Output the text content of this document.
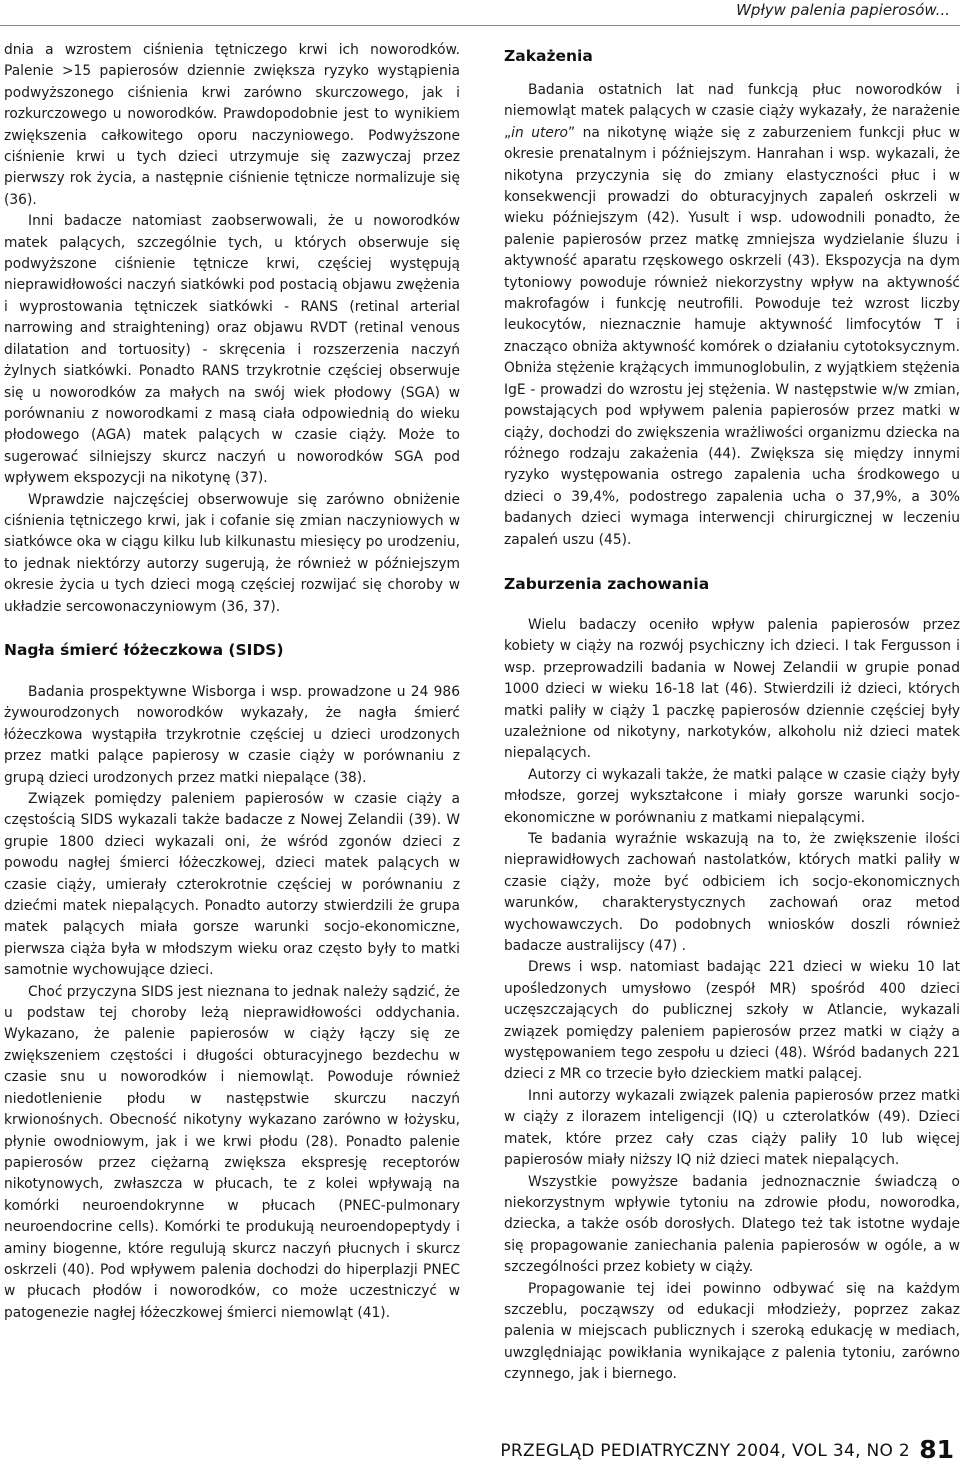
Wpływ palenia papierosów...

dnia a wzrostem ciśnienia tętniczego krwi ich noworodków. Palenie >15 papierosów dziennie zwiększa ryzyko wystąpienia podwyższonego ciśnienia krwi zarówno skurczowego, jak i rozkurczowego u noworodków. Prawdopodobnie jest to wynikiem zwiększenia całkowitego oporu naczyniowego. Podwyższone ciśnienie krwi u tych dzieci utrzymuje się zazwyczaj przez pierwszy rok życia, a następnie ciśnienie tętnicze normalizuje się (36).

Inni badacze natomiast zaobserwowali, że u noworodków matek palących, szczególnie tych, u których obserwuje się podwyższone ciśnienie tętnicze krwi, częściej występują nieprawidłowości naczyń siatkówki pod postacią objawu zwężenia i wyprostowania tętniczek siatkówki - RANS (retinal arterial narrowing and straightening) oraz objawu RVDT (retinal venous dilatation and tortuosity) - skręcenia i rozszerzenia naczyń żylnych siatkówki. Ponadto RANS trzykrotnie częściej obserwuje się u noworodków za małych na swój wiek płodowy (SGA) w porównaniu z noworodkami z masą ciała odpowiednią do wieku płodowego (AGA) matek palących w czasie ciąży. Może to sugerować silniejszy skurcz naczyń u noworodków SGA pod wpływem ekspozycji na nikotynę (37).

Wprawdzie najczęściej obserwowuje się zarówno obniżenie ciśnienia tętniczego krwi, jak i cofanie się zmian naczyniowych w siatkówce oka w ciągu kilku lub kilkunastu miesięcy po urodzeniu, to jednak niektórzy autorzy sugerują, że również w późniejszym okresie życia u tych dzieci mogą częściej rozwijać się choroby w układzie sercowonaczyniowym (36, 37).

Nagła śmierć łóżeczkowa (SIDS)

Badania prospektywne Wisborga i wsp. prowadzone u 24 986 żywourodzonych noworodków wykazały, że nagła śmierć łóżeczkowa wystąpiła trzykrotnie częściej u dzieci urodzonych przez matki palące papierosy w czasie ciąży w porównaniu z grupą dzieci urodzonych przez matki niepalące (38).

Związek pomiędzy paleniem papierosów w czasie ciąży a częstością SIDS wykazali także badacze z Nowej Zelandii (39). W grupie 1800 dzieci wykazali oni, że wśród zgonów dzieci z powodu nagłej śmierci łóżeczkowej, dzieci matek palących w czasie ciąży, umierały czterokrotnie częściej w porównaniu z dziećmi matek niepalących. Ponadto autorzy stwierdzili że grupa matek palących miała gorsze warunki socjo-ekonomiczne, pierwsza ciąża była w młodszym wieku oraz często były to matki samotnie wychowujące dzieci.

Choć przyczyna SIDS jest nieznana to jednak należy sądzić, że u podstaw tej choroby leżą nieprawidłowości oddychania. Wykazano, że palenie papierosów w ciąży łączy się ze zwiększeniem częstości i długości obturacyjnego bezdechu w czasie snu u noworodków i niemowląt. Powoduje również niedotlenienie płodu w następstwie skurczu naczyń krwionośnych. Obecność nikotyny wykazano zarówno w łożysku, płynie owodniowym, jak i we krwi płodu (28). Ponadto palenie papierosów przez ciężarną zwiększa ekspresję receptorów nikotynowych, zwłaszcza w płucach, te z kolei wpływają na komórki neuroendokrynne w płucach (PNEC-pulmonary neuroendocrine cells). Komórki te produkują neuroendopeptydy i aminy biogenne, które regulują skurcz naczyń płucnych i skurcz oskrzeli (40). Pod wpływem palenia dochodzi do hiperplazji PNEC w płucach płodów i noworodków, co może uczestniczyć w patogenezie nagłej łóżeczkowej śmierci niemowląt (41).

Zakażenia

Badania ostatnich lat nad funkcją płuc noworodków i niemowląt matek palących w czasie ciąży wykazały, że narażenie „in utero” na nikotynę wiąże się z zaburzeniem funkcji płuc w okresie prenatalnym i późniejszym. Hanrahan i wsp. wykazali, że nikotyna przyczynia się do zmiany elastyczności płuc i w konsekwencji prowadzi do obturacyjnych zapaleń oskrzeli w wieku późniejszym (42). Yusult i wsp. udowodnili ponadto, że palenie papierosów przez matkę zmniejsza wydzielanie śluzu i aktywność aparatu rzęskowego oskrzeli (43). Ekspozycja na dym tytoniowy powoduje również niekorzystny wpływ na aktywność makrofagów i funkcję neutrofili. Powoduje też wzrost liczby leukocytów, nieznacznie hamuje aktywność limfocytów T i znacząco obniża aktywność komórek o działaniu cytotoksycznym. Obniża stężenie krążących immunoglobulin, z wyjątkiem stężenia IgE - prowadzi do wzrostu jej stężenia. W następstwie w/w zmian, powstających pod wpływem palenia papierosów przez matki w ciąży, dochodzi do zwiększenia wrażliwości organizmu dziecka na różnego rodzaju zakażenia (44). Zwiększa się między innymi ryzyko występowania ostrego zapalenia ucha środkowego u dzieci o 39,4%, podostrego zapalenia ucha o 37,9%, a 30% badanych dzieci wymaga interwencji chirurgicznej w leczeniu zapaleń uszu (45).

Zaburzenia zachowania

Wielu badaczy oceniło wpływ palenia papierosów przez kobiety w ciąży na rozwój psychiczny ich dzieci. I tak Fergusson i wsp. przeprowadzili badania w Nowej Zelandii w grupie ponad 1000 dzieci w wieku 16-18 lat (46). Stwierdzili iż dzieci, których matki paliły w ciąży 1 paczkę papierosów dziennie częściej były uzależnione od nikotyny, narkotyków, alkoholu niż dzieci matek niepalących.

Autorzy ci wykazali także, że matki palące w czasie ciąży były młodsze, gorzej wykształcone i miały gorsze warunki socjo-ekonomiczne w porównaniu z matkami niepalącymi.

Te badania wyraźnie wskazują na to, że zwiększenie ilości nieprawidłowych zachowań nastolatków, których matki paliły w czasie ciąży, może być odbiciem ich socjo-ekonomicznych warunków, charakterystycznych zachowań oraz metod wychowawczych. Do podobnych wniosków doszli również badacze australijscy (47) .

Drews i wsp. natomiast badając 221 dzieci w wieku 10 lat upośledzonych umysłowo (zespół MR) spośród 400 dzieci uczęszczających do publicznej szkoły w Atlancie, wykazali związek pomiędzy paleniem papierosów przez matki w ciąży a występowaniem tego zespołu u dzieci (48). Wśród badanych 221 dzieci z MR co trzecie było dzieckiem matki palącej.

Inni autorzy wykazali związek palenia papierosów przez matki w ciąży z ilorazem inteligencji (IQ) u czterolatków (49). Dzieci matek, które przez cały czas ciąży paliły 10 lub więcej papierosów miały niższy IQ niż dzieci matek niepalących.

Wszystkie powyższe badania jednoznacznie świadczą o niekorzystnym wpływie tytoniu na zdrowie płodu, noworodka, dziecka, a także osób dorosłych. Dlatego też tak istotne wydaje się propagowanie zaniechania palenia papierosów w ogóle, a w szczególności przez kobiety w ciąży.

Propagowanie tej idei powinno odbywać się na każdym szczeblu, począwszy od edukacji młodzieży, poprzez zakaz palenia w miejscach publicznych i szeroką edukację w mediach, uwzględniając powikłania wynikające z palenia tytoniu, zarówno czynnego, jak i biernego.

PRZEGLĄD PEDIATRYCZNY 2004, VOL 34, NO 2 81
